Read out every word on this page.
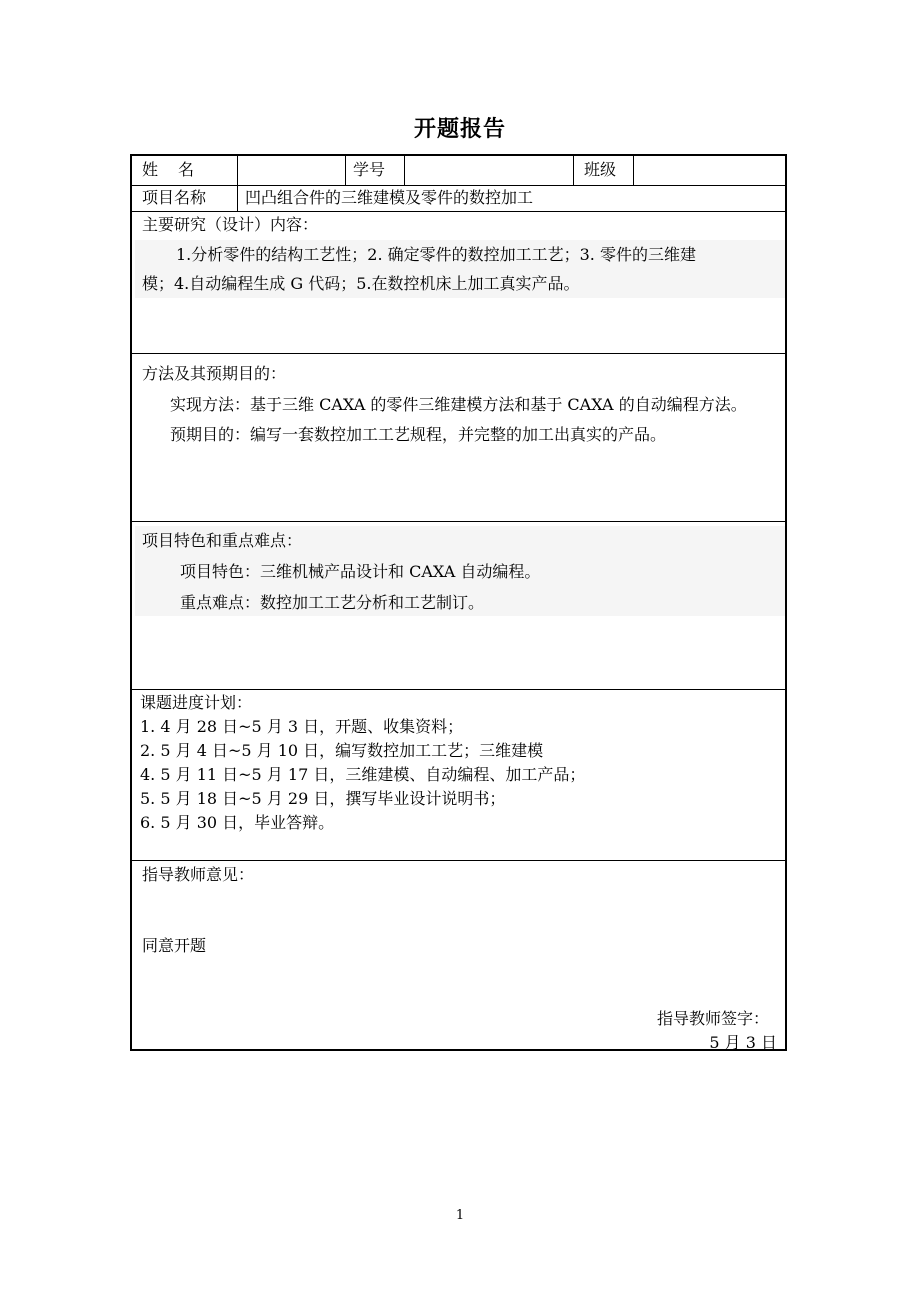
开题报告
姓　名	学号	班级
项目名称 凹凸组合件的三维建模及零件的数控加工
主要研究（设计）内容：
1.分析零件的结构工艺性；2. 确定零件的数控加工工艺；3. 零件的三维建
模；4.自动编程生成 G 代码；5.在数控机床上加工真实产品。
方法及其预期目的：
实现方法：基于三维 CAXA 的零件三维建模方法和基于 CAXA 的自动编程方法。
预期目的：编写一套数控加工工艺规程，并完整的加工出真实的产品。
项目特色和重点难点：
项目特色：三维机械产品设计和 CAXA 自动编程。
重点难点：数控加工工艺分析和工艺制订。
课题进度计划：
1. 4 月 28 日~5 月 3 日，开题、收集资料；
2. 5 月 4 日~5 月 10 日，编写数控加工工艺；三维建模
4. 5 月 11 日~5 月 17 日，三维建模、自动编程、加工产品；
5. 5 月 18 日~5 月 29 日，撰写毕业设计说明书；
6. 5 月 30 日，毕业答辩。
指导教师意见：
同意开题
指导教师签字：
5 月 3 日
1
